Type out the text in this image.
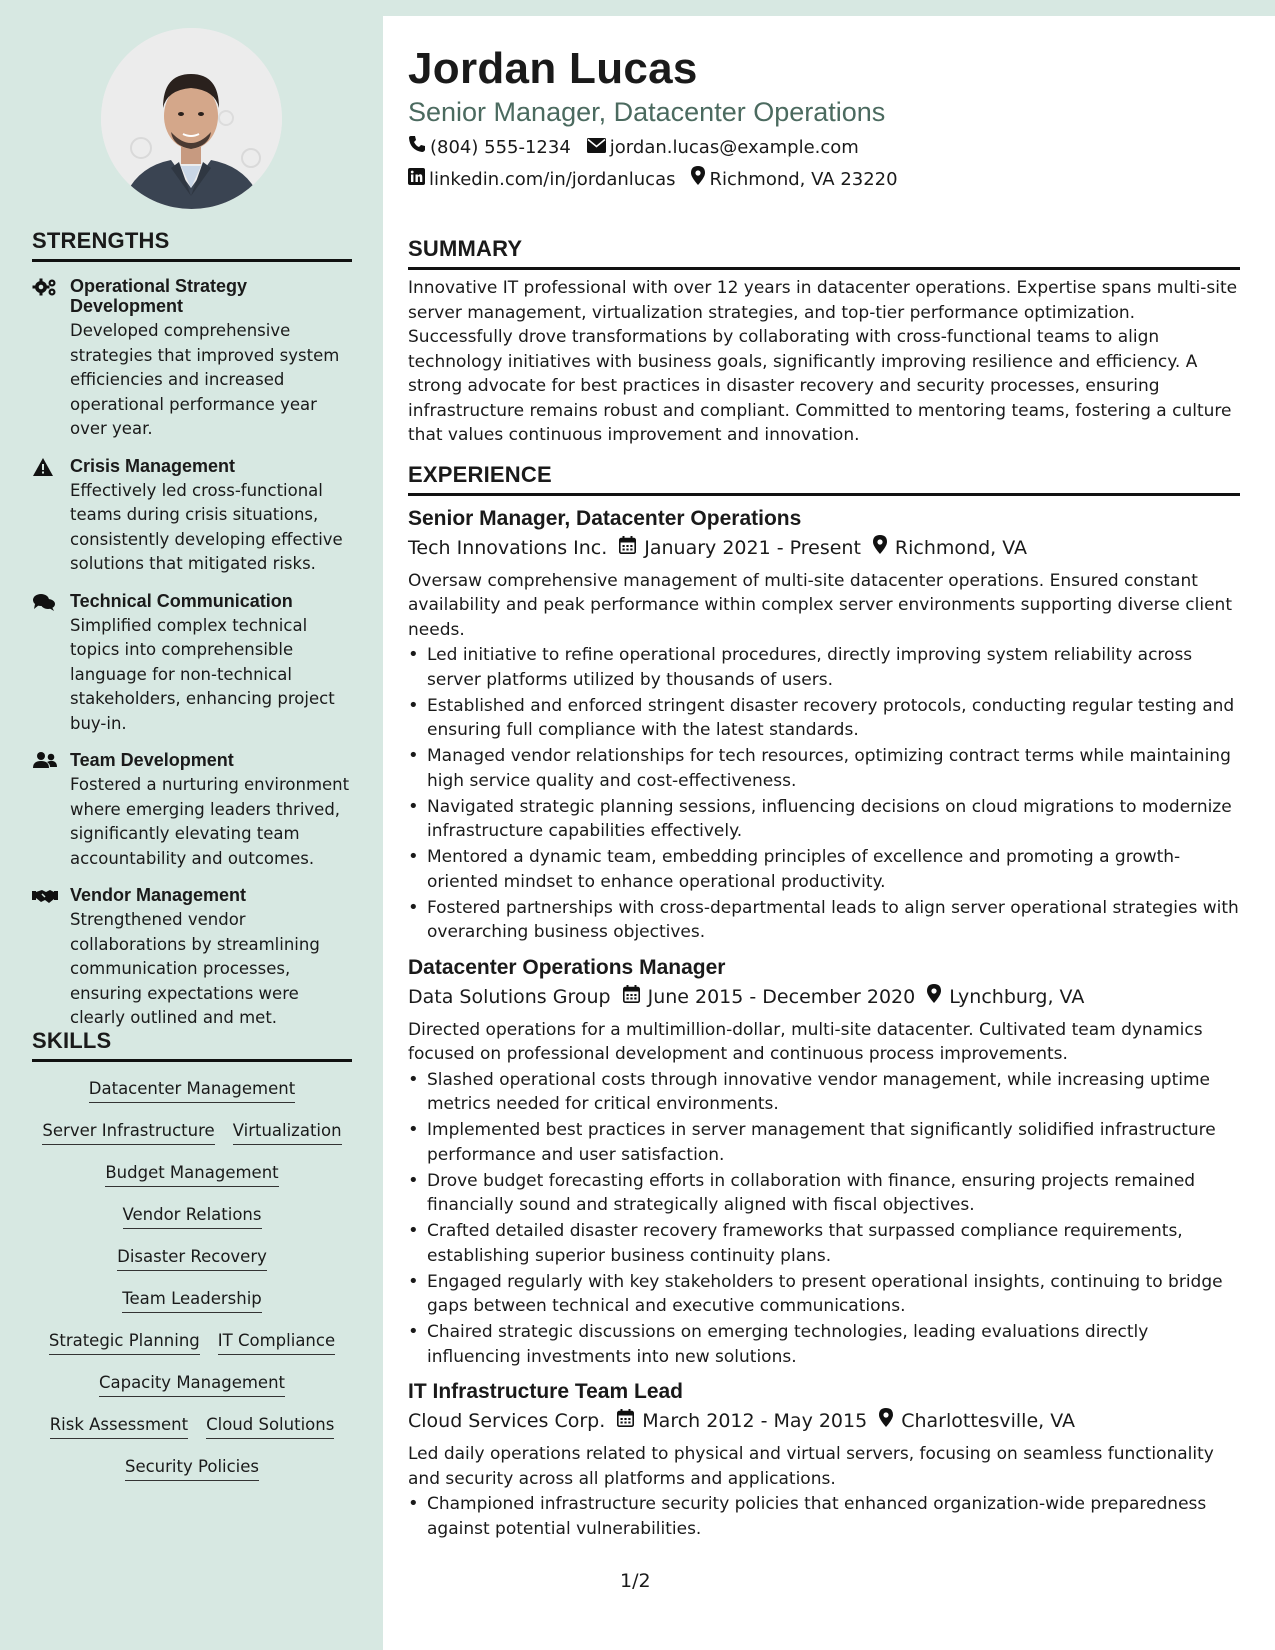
STRENGTHS
Operational Strategy Development
Developed comprehensive strategies that improved system efficiencies and increased operational performance year over year.
Crisis Management
Effectively led cross-functional teams during crisis situations, consistently developing effective solutions that mitigated risks.
Technical Communication
Simplified complex technical topics into comprehensible language for non-technical stakeholders, enhancing project buy-in.
Team Development
Fostered a nurturing environment where emerging leaders thrived, significantly elevating team accountability and outcomes.
Vendor Management
Strengthened vendor collaborations by streamlining communication processes, ensuring expectations were clearly outlined and met.
SKILLS
Datacenter Management
Server Infrastructure Virtualization
Budget Management
Vendor Relations
Disaster Recovery
Team Leadership
Strategic Planning IT Compliance
Capacity Management
Risk Assessment Cloud Solutions
Security Policies
Jordan Lucas
Senior Manager, Datacenter Operations
(804) 555-1234 jordan.lucas@example.com
linkedin.com/in/jordanlucas Richmond, VA 23220
SUMMARY
Innovative IT professional with over 12 years in datacenter operations. Expertise spans multi-site server management, virtualization strategies, and top-tier performance optimization. Successfully drove transformations by collaborating with cross-functional teams to align technology initiatives with business goals, significantly improving resilience and efficiency. A strong advocate for best practices in disaster recovery and security processes, ensuring infrastructure remains robust and compliant. Committed to mentoring teams, fostering a culture that values continuous improvement and innovation.
EXPERIENCE
Senior Manager, Datacenter Operations
Tech Innovations Inc. January 2021 - Present Richmond, VA
Oversaw comprehensive management of multi-site datacenter operations. Ensured constant availability and peak performance within complex server environments supporting diverse client needs.
• Led initiative to refine operational procedures, directly improving system reliability across server platforms utilized by thousands of users.
• Established and enforced stringent disaster recovery protocols, conducting regular testing and ensuring full compliance with the latest standards.
• Managed vendor relationships for tech resources, optimizing contract terms while maintaining high service quality and cost-effectiveness.
• Navigated strategic planning sessions, influencing decisions on cloud migrations to modernize infrastructure capabilities effectively.
• Mentored a dynamic team, embedding principles of excellence and promoting a growth-oriented mindset to enhance operational productivity.
• Fostered partnerships with cross-departmental leads to align server operational strategies with overarching business objectives.
Datacenter Operations Manager
Data Solutions Group June 2015 - December 2020 Lynchburg, VA
Directed operations for a multimillion-dollar, multi-site datacenter. Cultivated team dynamics focused on professional development and continuous process improvements.
• Slashed operational costs through innovative vendor management, while increasing uptime metrics needed for critical environments.
• Implemented best practices in server management that significantly solidified infrastructure performance and user satisfaction.
• Drove budget forecasting efforts in collaboration with finance, ensuring projects remained financially sound and strategically aligned with fiscal objectives.
• Crafted detailed disaster recovery frameworks that surpassed compliance requirements, establishing superior business continuity plans.
• Engaged regularly with key stakeholders to present operational insights, continuing to bridge gaps between technical and executive communications.
• Chaired strategic discussions on emerging technologies, leading evaluations directly influencing investments into new solutions.
IT Infrastructure Team Lead
Cloud Services Corp. March 2012 - May 2015 Charlottesville, VA
Led daily operations related to physical and virtual servers, focusing on seamless functionality and security across all platforms and applications.
• Championed infrastructure security policies that enhanced organization-wide preparedness against potential vulnerabilities.
1/2
